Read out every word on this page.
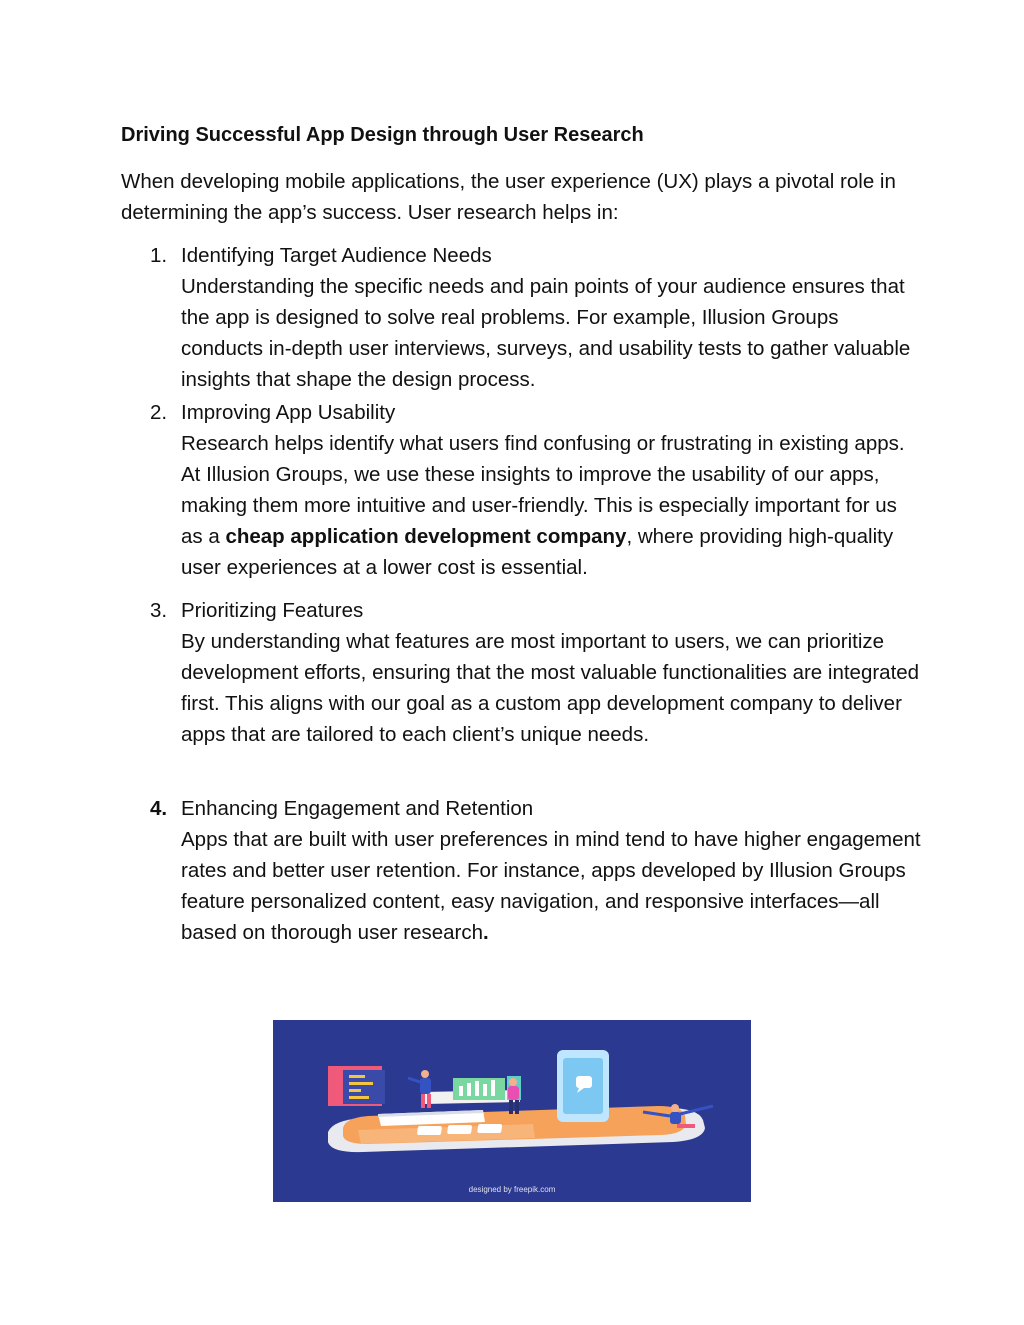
Driving Successful App Design through User Research

When developing mobile applications, the user experience (UX) plays a pivotal role in determining the app’s success. User research helps in:

1. Identifying Target Audience Needs
Understanding the specific needs and pain points of your audience ensures that the app is designed to solve real problems. For example, Illusion Groups conducts in-depth user interviews, surveys, and usability tests to gather valuable insights that shape the design process.
2. Improving App Usability
Research helps identify what users find confusing or frustrating in existing apps. At Illusion Groups, we use these insights to improve the usability of our apps, making them more intuitive and user-friendly. This is especially important for us as a cheap application development company, where providing high-quality user experiences at a lower cost is essential.
3. Prioritizing Features
By understanding what features are most important to users, we can prioritize development efforts, ensuring that the most valuable functionalities are integrated first. This aligns with our goal as a custom app development company to deliver apps that are tailored to each client’s unique needs.
4. Enhancing Engagement and Retention
Apps that are built with user preferences in mind tend to have higher engagement rates and better user retention. For instance, apps developed by Illusion Groups feature personalized content, easy navigation, and responsive interfaces—all based on thorough user research.
designed by freepik.com
